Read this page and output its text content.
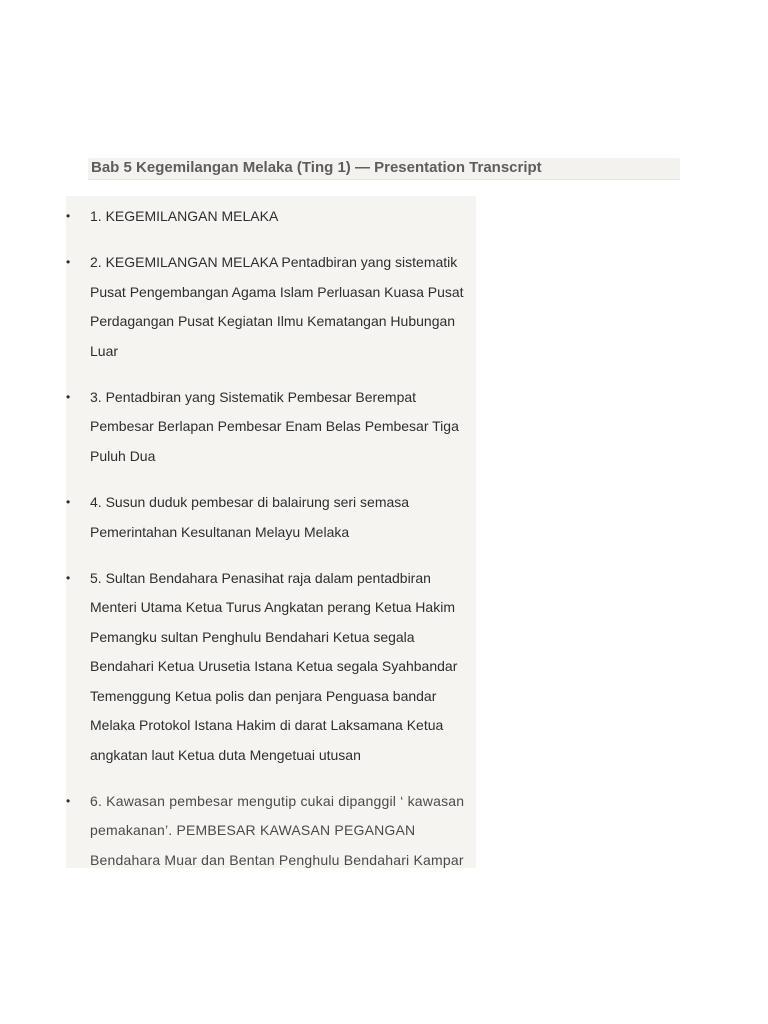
Bab 5 Kegemilangan Melaka (Ting 1) — Presentation Transcript
• 1. KEGEMILANGAN MELAKA
• 2. KEGEMILANGAN MELAKA Pentadbiran yang sistematik Pusat Pengembangan Agama Islam Perluasan Kuasa Pusat Perdagangan Pusat Kegiatan Ilmu Kematangan Hubungan Luar
• 3. Pentadbiran yang Sistematik Pembesar Berempat Pembesar Berlapan Pembesar Enam Belas Pembesar Tiga Puluh Dua
• 4. Susun duduk pembesar di balairung seri semasa Pemerintahan Kesultanan Melayu Melaka
• 5. Sultan Bendahara Penasihat raja dalam pentadbiran Menteri Utama Ketua Turus Angkatan perang Ketua Hakim Pemangku sultan Penghulu Bendahari Ketua segala Bendahari Ketua Urusetia Istana Ketua segala Syahbandar Temenggung Ketua polis dan penjara Penguasa bandar Melaka Protokol Istana Hakim di darat Laksamana Ketua angkatan laut Ketua duta Mengetuai utusan
• 6. Kawasan pembesar mengutip cukai dipanggil ‘ kawasan pemakanan’. PEMBESAR KAWASAN PEGANGAN Bendahara Muar dan Bentan Penghulu Bendahari Kampar
